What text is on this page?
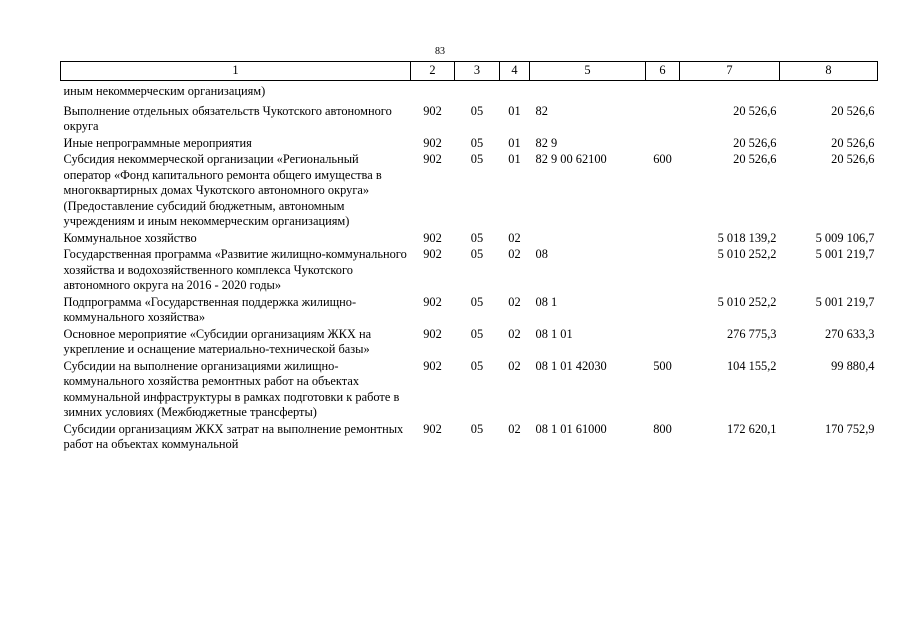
83
1	2	3	4	5	6	7	8
иным некоммерческим организациям)							
Выполнение отдельных обязательств Чукотского автономного округа	902	05	01	82		20 526,6	20 526,6
Иные непрограммные мероприятия	902	05	01	82 9		20 526,6	20 526,6
Субсидия некоммерческой организации «Региональный оператор «Фонд капитального ремонта общего имущества в многоквартирных домах Чукотского автономного округа» (Предоставление субсидий бюджетным, автономным учреждениям и иным некоммерческим организациям)	902	05	01	82 9 00 62100	600	20 526,6	20 526,6
Коммунальное хозяйство	902	05	02			5 018 139,2	5 009 106,7
Государственная программа «Развитие жилищно-коммунального хозяйства и водохозяйственного комплекса Чукотского автономного округа на 2016 - 2020 годы»	902	05	02	08		5 010 252,2	5 001 219,7
Подпрограмма «Государственная поддержка жилищно-коммунального хозяйства»	902	05	02	08 1		5 010 252,2	5 001 219,7
Основное мероприятие «Субсидии организациям ЖКХ на укрепление и оснащение материально-технической базы»	902	05	02	08 1 01		276 775,3	270 633,3
Субсидии на выполнение организациями жилищно-коммунального хозяйства ремонтных работ на объектах коммунальной инфраструктуры в рамках подготовки к работе в зимних условиях (Межбюджетные трансферты)	902	05	02	08 1 01 42030	500	104 155,2	99 880,4
Субсидии организациям ЖКХ затрат на выполнение ремонтных работ на объектах коммунальной	902	05	02	08 1 01 61000	800	172 620,1	170 752,9
